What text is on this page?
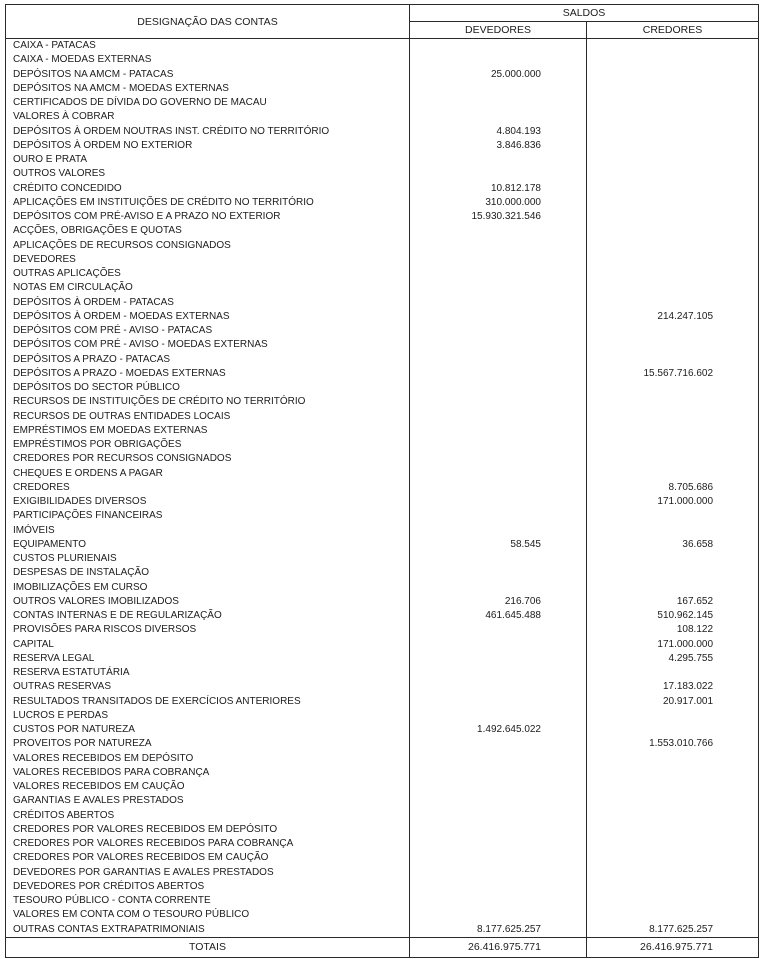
DESIGNAÇÃO DAS CONTAS	SALDOS	
	DEVEDORES	CREDORES
CAIXA - PATACAS		
CAIXA - MOEDAS EXTERNAS		
DEPÓSITOS NA AMCM - PATACAS	25.000.000	
DEPÓSITOS NA AMCM - MOEDAS EXTERNAS		
CERTIFICADOS DE DÍVIDA DO GOVERNO DE MACAU		
VALORES À COBRAR		
DEPÓSITOS À ORDEM NOUTRAS INST. CRÉDITO NO TERRITÓRIO	4.804.193	
DEPÓSITOS À ORDEM NO EXTERIOR	3.846.836	
OURO E PRATA		
OUTROS VALORES		
CRÉDITO CONCEDIDO	10.812.178	
APLICAÇÕES EM INSTITUIÇÕES DE CRÉDITO NO TERRITÓRIO	310.000.000	
DEPÓSITOS COM PRÉ-AVISO E A PRAZO NO EXTERIOR	15.930.321.546	
ACÇÕES, OBRIGAÇÕES E QUOTAS		
APLICAÇÕES DE RECURSOS CONSIGNADOS		
DEVEDORES		
OUTRAS APLICAÇÕES		
NOTAS EM CIRCULAÇÃO		
DEPÓSITOS À ORDEM - PATACAS		
DEPÓSITOS À ORDEM - MOEDAS EXTERNAS		214.247.105
DEPÓSITOS COM PRÉ - AVISO - PATACAS		
DEPÓSITOS COM PRÉ - AVISO - MOEDAS EXTERNAS		
DEPÓSITOS A PRAZO - PATACAS		
DEPÓSITOS A PRAZO - MOEDAS EXTERNAS		15.567.716.602
DEPÓSITOS DO SECTOR PÚBLICO		
RECURSOS DE INSTITUIÇÕES DE CRÉDITO NO TERRITÓRIO		
RECURSOS DE OUTRAS ENTIDADES LOCAIS		
EMPRÉSTIMOS EM MOEDAS EXTERNAS		
EMPRÉSTIMOS POR OBRIGAÇÕES		
CREDORES POR RECURSOS CONSIGNADOS		
CHEQUES E ORDENS A PAGAR		
CREDORES		8.705.686
EXIGIBILIDADES DIVERSOS		171.000.000
PARTICIPAÇÕES FINANCEIRAS		
IMÓVEIS		
EQUIPAMENTO	58.545	36.658
CUSTOS PLURIENAIS		
DESPESAS DE INSTALAÇÃO		
IMOBILIZAÇÕES EM CURSO		
OUTROS VALORES IMOBILIZADOS	216.706	167.652
CONTAS INTERNAS E DE REGULARIZAÇÃO	461.645.488	510.962.145
PROVISÕES PARA RISCOS DIVERSOS		108.122
CAPITAL		171.000.000
RESERVA LEGAL		4.295.755
RESERVA ESTATUTÁRIA		
OUTRAS RESERVAS		17.183.022
RESULTADOS TRANSITADOS DE EXERCÍCIOS ANTERIORES		20.917.001
LUCROS E PERDAS		
CUSTOS POR NATUREZA	1.492.645.022	
PROVEITOS POR NATUREZA		1.553.010.766
VALORES RECEBIDOS EM DEPÓSITO		
VALORES RECEBIDOS PARA COBRANÇA		
VALORES RECEBIDOS EM CAUÇÃO		
GARANTIAS E AVALES PRESTADOS		
CRÉDITOS ABERTOS		
CREDORES POR VALORES RECEBIDOS EM DEPÓSITO		
CREDORES POR VALORES RECEBIDOS PARA COBRANÇA		
CREDORES POR VALORES RECEBIDOS EM CAUÇÃO		
DEVEDORES POR GARANTIAS E AVALES PRESTADOS		
DEVEDORES POR CRÉDITOS ABERTOS		
TESOURO PÚBLICO - CONTA CORRENTE		
VALORES EM CONTA COM O TESOURO PÚBLICO		
OUTRAS CONTAS EXTRAPATRIMONIAIS	8.177.625.257	8.177.625.257
TOTAIS	26.416.975.771	26.416.975.771
